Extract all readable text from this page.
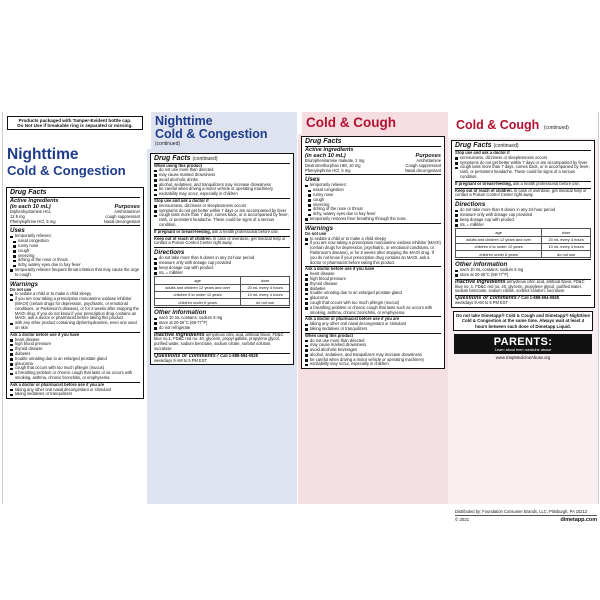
Nighttime
Cold & Congestion
Drug Facts
Active ingredients
(in each 10 mL)	Purposes
Diphenhydramine HCL	Antihistamine/
12.5 mg	cough suppressant
Phenylephrine HCl, 5 mg	Nasal decongestant
Uses
temporarily relieves:
nasal congestion
runny nose
cough
sneezing
itching of the nose or throat
itchy, watery eyes due to hay fever
temporarily relieves frequent throat irritation that may cause the urge to cough
Warnings
Do not use
to sedate a child or to make a child sleepy
if you are now taking a prescription monoamine oxidase inhibitor (MAOI) (certain drugs for depression, psychiatric, or emotional conditions, or Parkinson's disease), or for 2 weeks after stopping the MAOI drug. If you do not know if your prescription drug contains an MAOI, ask a doctor or pharmacist before taking this product
with any other product containing diphenhydramine, even one used on skin
Ask a doctor before use if you have
heart disease
high blood pressure
thyroid disease
diabetes
trouble urinating due to an enlarged prostate gland
glaucoma
cough that occurs with too much phlegm (mucus)
a breathing problem or chronic cough that lasts or as occurs with smoking, asthma, chronic bronchitis, or emphysema
Ask a doctor or pharmacist before use if you are
taking any other oral nasal decongestant or stimulant
taking sedatives or tranquilizers
Nighttime
Cold & Congestion
(continued)
Drug Facts (continued)
When using this product
do not use more than directed
may cause marked drowsiness
avoid alcoholic drinks
alcohol, sedatives, and tranquilizers may increase drowsiness
be careful when driving a motor vehicle or operating machinery
excitability may occur, especially in children
Stop use and ask a doctor if
nervousness, dizziness or sleeplessness occurs
symptoms do not get better within 7 days or are accompanied by fever
cough lasts more than 7 days, comes back, or is accompanied by fever, rash, or persistent headache. These could be signs of a serious condition.
If pregnant or breast-feeding, ask a health professional before use.
Keep out of reach of children. In case of overdose, get medical help or contact a Poison Control Center right away.
Directions
do not take more than 6 doses in any 24-hour period
measure only with dosage cup provided
keep dosage cup with product
mL = milliliter
age	dose
adults and children 12 years and over	20 mL every 4 hours
children 6 to under 12 years	10 mL every 4 hours
children under 6 years	do not use
Other information
each 10 mL contains: sodium 8 mg
store at 20-25°C (68-77°F)
do not refrigerate
Inactive ingredients anhydrous citric acid, artificial flavor, FD&C blue no.1, FD&C red no. 40, glycerin, propyl gallate, propylene glycol, purified water, sodium benzoate, sodium citrate, sorbitol solution, sucralose
Questions or comments? Call 1-888-594-0828
weekdays 9 AM to 5 PM EST
Cold & Cough
Drug Facts
Active ingredients
(in each 10 mL)	Purposes
Brompheniramine maleate, 2 mg	Antihistamine
Dextromethorphan HBr, 10 mg	Cough suppressant
Phenylephrine HCl, 5 mg	Nasal decongestant
Uses
temporarily relieves:
nasal congestion
runny nose
cough
sneezing
itching of the nose or throat
itchy, watery eyes due to hay fever
temporarily restores freer breathing through the nose
Warnings
Do not use
to sedate a child or to make a child sleepy
if you are now taking a prescription monoamine oxidase inhibitor (MAOI) (certain drugs for depression, psychiatric, or emotional conditions, or Parkinson's disease), or for 2 weeks after stopping the MAOI drug. If you do not know if your prescription drug contains an MAOI, ask a doctor or pharmacist before taking this product
Ask a doctor before use if you have
heart disease
high blood pressure
thyroid disease
diabetes
trouble urinating due to an enlarged prostate gland
glaucoma
cough that occurs with too much phlegm (mucus)
a breathing problem or chronic cough that lasts such as occurs with smoking, asthma, chronic bronchitis, or emphysema
Ask a doctor or pharmacist before use if you are
taking any other oral nasal decongestant or stimulant
taking sedatives or tranquilizers
When using this product
do not use more than directed
may cause marked drowsiness
avoid alcoholic beverages
alcohol, sedatives, and tranquilizers may increase drowsiness
be careful when driving a motor vehicle or operating machinery
excitability may occur, especially in children
Cold & Cough (continued)
Drug Facts (continued)
Stop use and ask a doctor if
nervousness, dizziness or sleeplessness occurs
symptoms do not get better within 7 days or are accompanied by fever
cough lasts more than 7 days, comes back, or is accompanied by fever, rash, or persistent headache. These could be signs of a serious condition.
If pregnant or breast-feeding, ask a health professional before use.
Keep out of reach of children. In case of overdose, get medical help or contact a Poison Control Center right away.
Directions
do not take more than 6 doses in any 24-hour period
measure only with dosage cup provided
keep dosage cup with product
mL = milliliter
age	dose
adults and children 12 years and over	20 mL every 4 hours
children 6 to under 12 years	10 mL every 4 hours
children under 6 years	do not use
Other information
each 10 mL contains: sodium 6 mg
store at 20-25°C (68-77°F)
Inactive ingredients anhydrous citric acid, artificial flavor, FD&C blue no. 1, FD&C red no. 40, glycerin, propylene glycol, purified water, sodium benzoate, sodium citrate, sorbitol solution, sucralose
Questions or comments? Call 1-888-594-0828
weekdays 9 AM to 5 PM EST
Do not take Dimetapp® Cold & Cough and Dimetapp® Nighttime Cold & Congestion at the same time. Always wait at least 4 hours between each dose of Dimetapp Liquid.
PARENTS:
Learn about teen medicine abuse
www.StopMedicineAbuse.org
Products packaged with Tamper-Evident bottle cap.
Do Not Use if breakable ring is separated or missing.
Distributed by: Foundation Consumer Brands, LLC, Pittsburgh, PA 15212
© 2021	dimetapp.com
